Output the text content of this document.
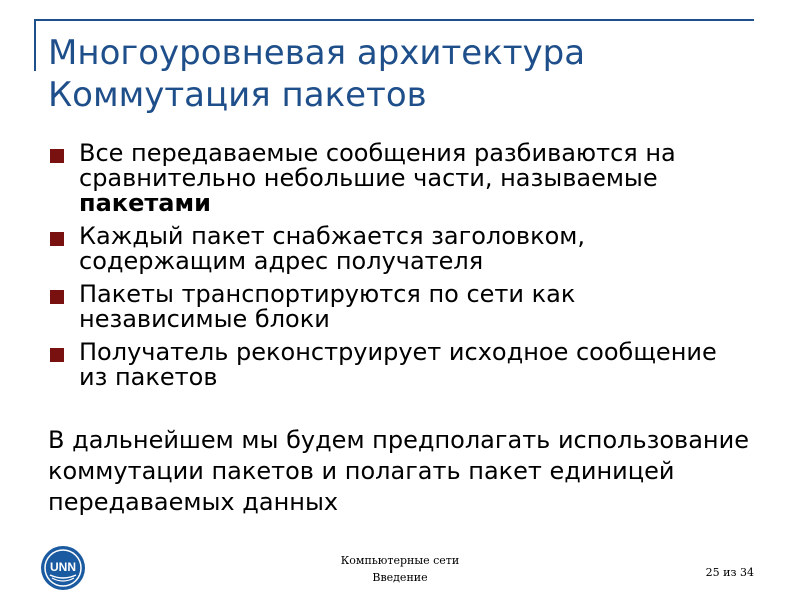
Многоуровневая архитектура
Коммутация пакетов
Все передаваемые сообщения разбиваются на сравнительно небольшие части, называемые пакетами
Каждый пакет снабжается заголовком, содержащим адрес получателя
Пакеты транспортируются по сети как независимые блоки
Получатель реконструирует исходное сообщение из пакетов
В дальнейшем мы будем предполагать использование коммутации пакетов и полагать пакет единицей передаваемых данных
UNN	Компьютерные сети
Введение	25 из 34
